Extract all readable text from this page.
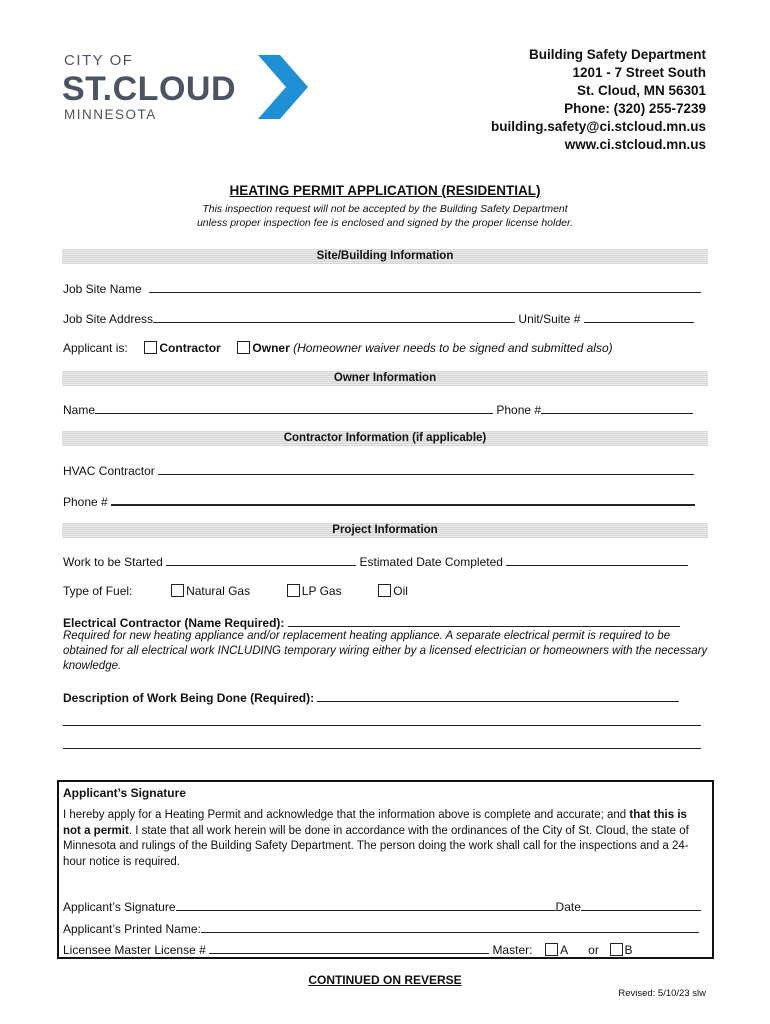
CITY OF
ST.CLOUD
MINNESOTA
Building Safety Department
1201 - 7 Street South
St. Cloud, MN 56301
Phone: (320) 255-7239
building.safety@ci.stcloud.mn.us
www.ci.stcloud.mn.us
HEATING PERMIT APPLICATION (RESIDENTIAL)
This inspection request will not be accepted by the Building Safety Department
unless proper inspection fee is enclosed and signed by the proper license holder.
Site/Building Information
Job Site Name
Job Site Address	Unit/Suite #
Applicant is:	Contractor	Owner (Homeowner waiver needs to be signed and submitted also)
Owner Information
Name	Phone #
Contractor Information (if applicable)
HVAC Contractor
Phone #
Project Information
Work to be Started	Estimated Date Completed
Type of Fuel:	Natural Gas	LP Gas	Oil
Electrical Contractor (Name Required):
Required for new heating appliance and/or replacement heating appliance. A separate electrical permit is required to be obtained for all electrical work INCLUDING temporary wiring either by a licensed electrician or homeowners with the necessary knowledge.
Description of Work Being Done (Required):
Applicant’s Signature
I hereby apply for a Heating Permit and acknowledge that the information above is complete and accurate; and that this is not a permit. I state that all work herein will be done in accordance with the ordinances of the City of St. Cloud, the state of Minnesota and rulings of the Building Safety Department. The person doing the work shall call for the inspections and a 24-hour notice is required.
Applicant’s Signature	Date
Applicant’s Printed Name:
Licensee Master License #	Master: A or B
CONTINUED ON REVERSE
Revised: 5/10/23 slw
